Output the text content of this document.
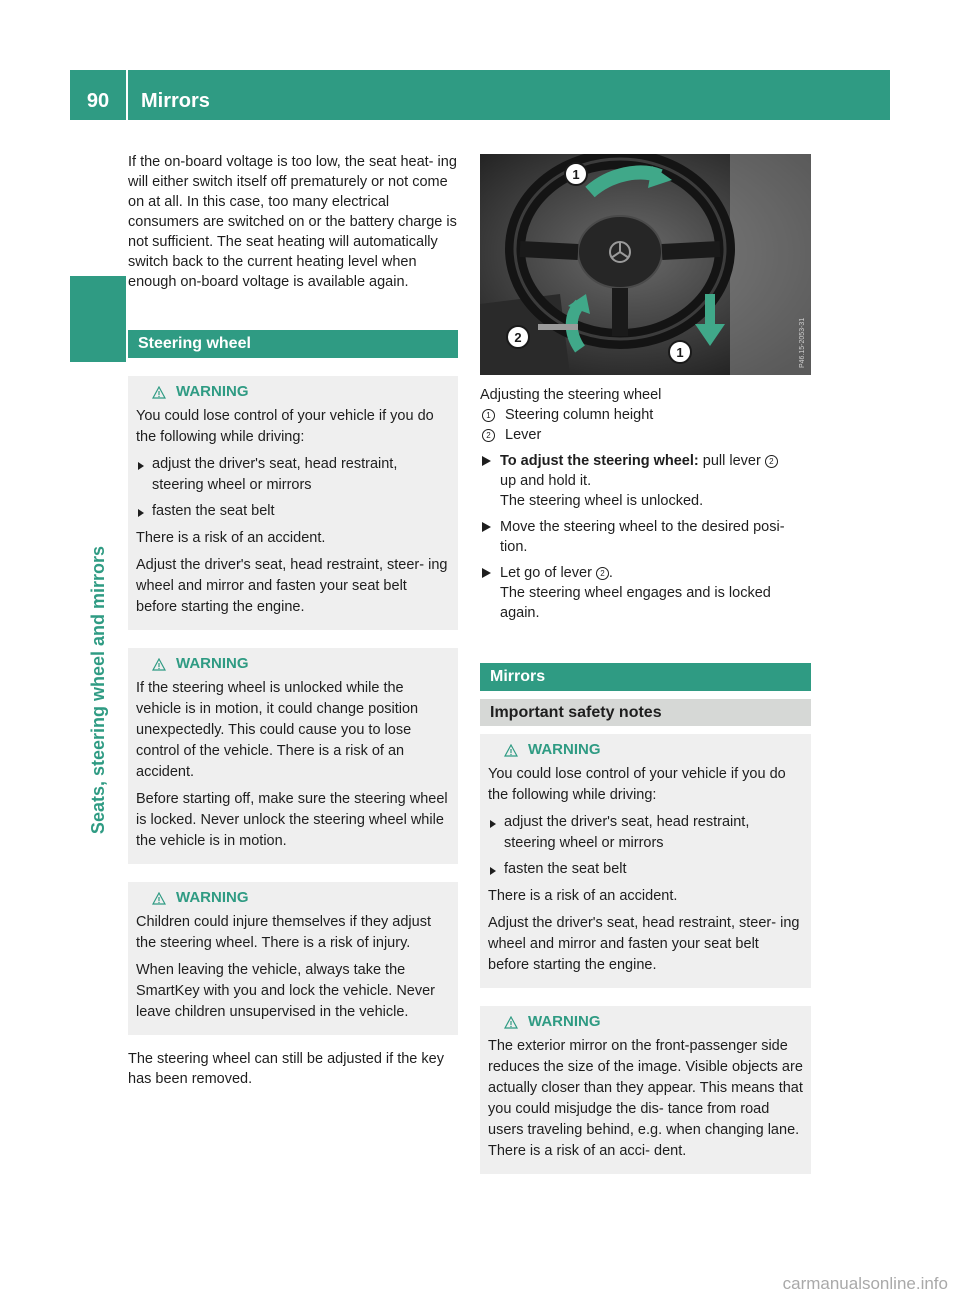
90	Mirrors
Seats, steering wheel and mirrors

If the on-board voltage is too low, the seat heat- ing will either switch itself off prematurely or not come on at all. In this case, too many electrical consumers are switched on or the battery charge is not sufficient. The seat heating will automatically switch back to the current heating level when enough on-board voltage is available again.

Steering wheel
WARNING

You could lose control of your vehicle if you do the following while driving:

adjust the driver's seat, head restraint, steering wheel or mirrors
fasten the seat belt

There is a risk of an accident.

Adjust the driver's seat, head restraint, steer- ing wheel and mirror and fasten your seat belt before starting the engine.

WARNING

If the steering wheel is unlocked while the vehicle is in motion, it could change position unexpectedly. This could cause you to lose control of the vehicle. There is a risk of an accident.

Before starting off, make sure the steering wheel is locked. Never unlock the steering wheel while the vehicle is in motion.

WARNING

Children could injure themselves if they adjust the steering wheel. There is a risk of injury.

When leaving the vehicle, always take the SmartKey with you and lock the vehicle. Never leave children unsupervised in the vehicle.

The steering wheel can still be adjusted if the key has been removed.

1
2
1	P46.15-2053-31

Adjusting the steering wheel

1 Steering column height
2 Lever
To adjust the steering wheel: pull lever 2
up and hold it.
The steering wheel is unlocked.
Move the steering wheel to the desired posi- tion.
Let go of lever 2 .
The steering wheel engages and is locked again.
Mirrors
Important safety notes
WARNING

You could lose control of your vehicle if you do the following while driving:

adjust the driver's seat, head restraint, steering wheel or mirrors
fasten the seat belt

There is a risk of an accident.

Adjust the driver's seat, head restraint, steer- ing wheel and mirror and fasten your seat belt before starting the engine.

WARNING

The exterior mirror on the front-passenger side reduces the size of the image. Visible objects are actually closer than they appear. This means that you could misjudge the dis- tance from road users traveling behind, e.g. when changing lane. There is a risk of an acci- dent.

carmanualsonline.info
